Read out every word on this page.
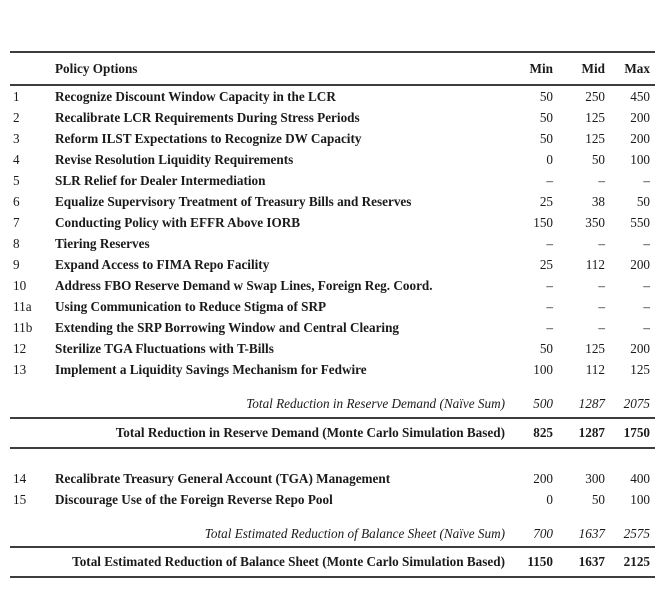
Policy Options	Min	Mid	Max
1	Recognize Discount Window Capacity in the LCR	50	250	450
2	Recalibrate LCR Requirements During Stress Periods	50	125	200
3	Reform ILST Expectations to Recognize DW Capacity	50	125	200
4	Revise Resolution Liquidity Requirements	0	50	100
5	SLR Relief for Dealer Intermediation	–	–	–
6	Equalize Supervisory Treatment of Treasury Bills and Reserves	25	38	50
7	Conducting Policy with EFFR Above IORB	150	350	550
8	Tiering Reserves	–	–	–
9	Expand Access to FIMA Repo Facility	25	112	200
10	Address FBO Reserve Demand w Swap Lines, Foreign Reg. Coord.	–	–	–
11a	Using Communication to Reduce Stigma of SRP	–	–	–
11b	Extending the SRP Borrowing Window and Central Clearing	–	–	–
12	Sterilize TGA Fluctuations with T-Bills	50	125	200
13	Implement a Liquidity Savings Mechanism for Fedwire	100	112	125
Total Reduction in Reserve Demand (Naïve Sum)	500	1287	2075
Total Reduction in Reserve Demand (Monte Carlo Simulation Based)	825	1287	1750
14	Recalibrate Treasury General Account (TGA) Management	200	300	400
15	Discourage Use of the Foreign Reverse Repo Pool	0	50	100
Total Estimated Reduction of Balance Sheet (Naïve Sum)	700	1637	2575
Total Estimated Reduction of Balance Sheet (Monte Carlo Simulation Based)	1150	1637	2125
